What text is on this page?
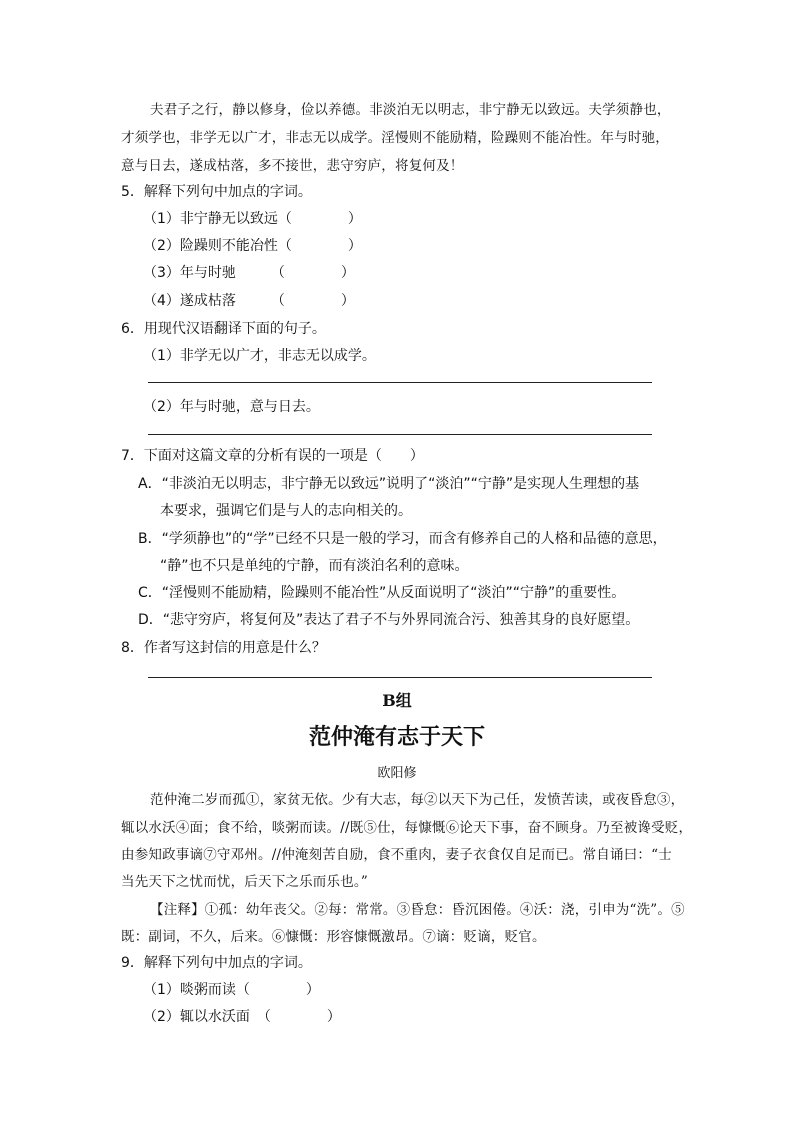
夫君子之行，静以修身，俭以养德。非淡泊无以明志，非宁静无以致远。夫学须静也，
才须学也，非学无以广才，非志无以成学。淫慢则不能励精，险躁则不能冶性。年与时驰，
意与日去，遂成枯落，多不接世，悲守穷庐，将复何及！
5．解释下列句中加点的字词。
（1）非宁静无以致远（　　　　）
（2）险躁则不能冶性（　　　　）
（3）年与时驰　　　（　　　　）
（4）遂成枯落　　　（　　　　）
6．用现代汉语翻译下面的句子。
（1）非学无以广才，非志无以成学。
（2）年与时驰，意与日去。
7．下面对这篇文章的分析有误的一项是（　　）
A．“非淡泊无以明志，非宁静无以致远”说明了“淡泊”“宁静”是实现人生理想的基
本要求，强调它们是与人的志向相关的。
B．“学须静也”的“学”已经不只是一般的学习，而含有修养自己的人格和品德的意思，
“静”也不只是单纯的宁静，而有淡泊名利的意味。
C．“淫慢则不能励精，险躁则不能冶性”从反面说明了“淡泊”“宁静”的重要性。
D．“悲守穷庐，将复何及”表达了君子不与外界同流合污、独善其身的良好愿望。
8．作者写这封信的用意是什么？
B组
范仲淹有志于天下
欧阳修
范仲淹二岁而孤①，家贫无依。少有大志，每②以天下为己任，发愤苦读，或夜昏怠③，
辄以水沃④面；食不给，啖粥而读。//既⑤仕，每慷慨⑥论天下事，奋不顾身。乃至被谗受贬，
由参知政事谪⑦守邓州。//仲淹刻苦自励，食不重肉，妻子衣食仅自足而已。常自诵曰：“士
当先天下之忧而忧，后天下之乐而乐也。”
【注释】①孤：幼年丧父。②每：常常。③昏怠：昏沉困倦。④沃：浇，引申为“洗”。⑤
既：副词，不久，后来。⑥慷慨：形容慷慨激昂。⑦谪：贬谪，贬官。
9．解释下列句中加点的字词。
（1）啖粥而读（　　　　）
（2）辄以水沃面　（　　　　）
